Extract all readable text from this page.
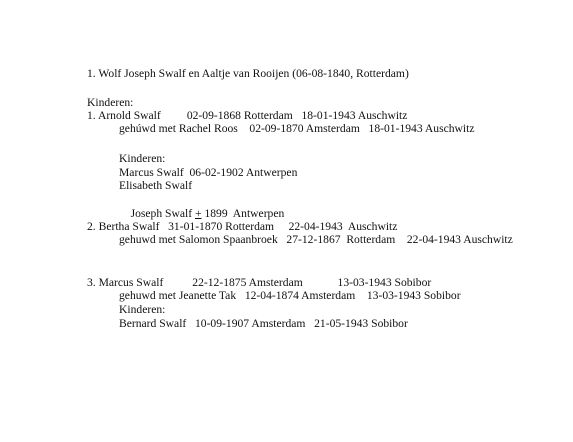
1. Wolf Joseph Swalf en Aaltje van Rooijen (06-08-1840, Rotterdam)
Kinderen:
1. Arnold Swalf         02-09-1868 Rotterdam   18-01-1943 Auschwitz
gehúwd met Rachel Roos    02-09-1870 Amsterdam   18-01-1943 Auschwitz
Kinderen:
Marcus Swalf  06-02-1902 Antwerpen
Elisabeth Swalf

Joseph Swalf + 1899  Antwerpen

2. Bertha Swalf   31-01-1870 Rotterdam     22-04-1943  Auschwitz
gehuwd met Salomon Spaanbroek   27-12-1867  Rotterdam    22-04-1943 Auschwitz
3. Marcus Swalf          22-12-1875 Amsterdam            13-03-1943 Sobibor
gehuwd met Jeanette Tak   12-04-1874 Amsterdam    13-03-1943 Sobibor
Kinderen:
Bernard Swalf   10-09-1907 Amsterdam   21-05-1943 Sobibor
